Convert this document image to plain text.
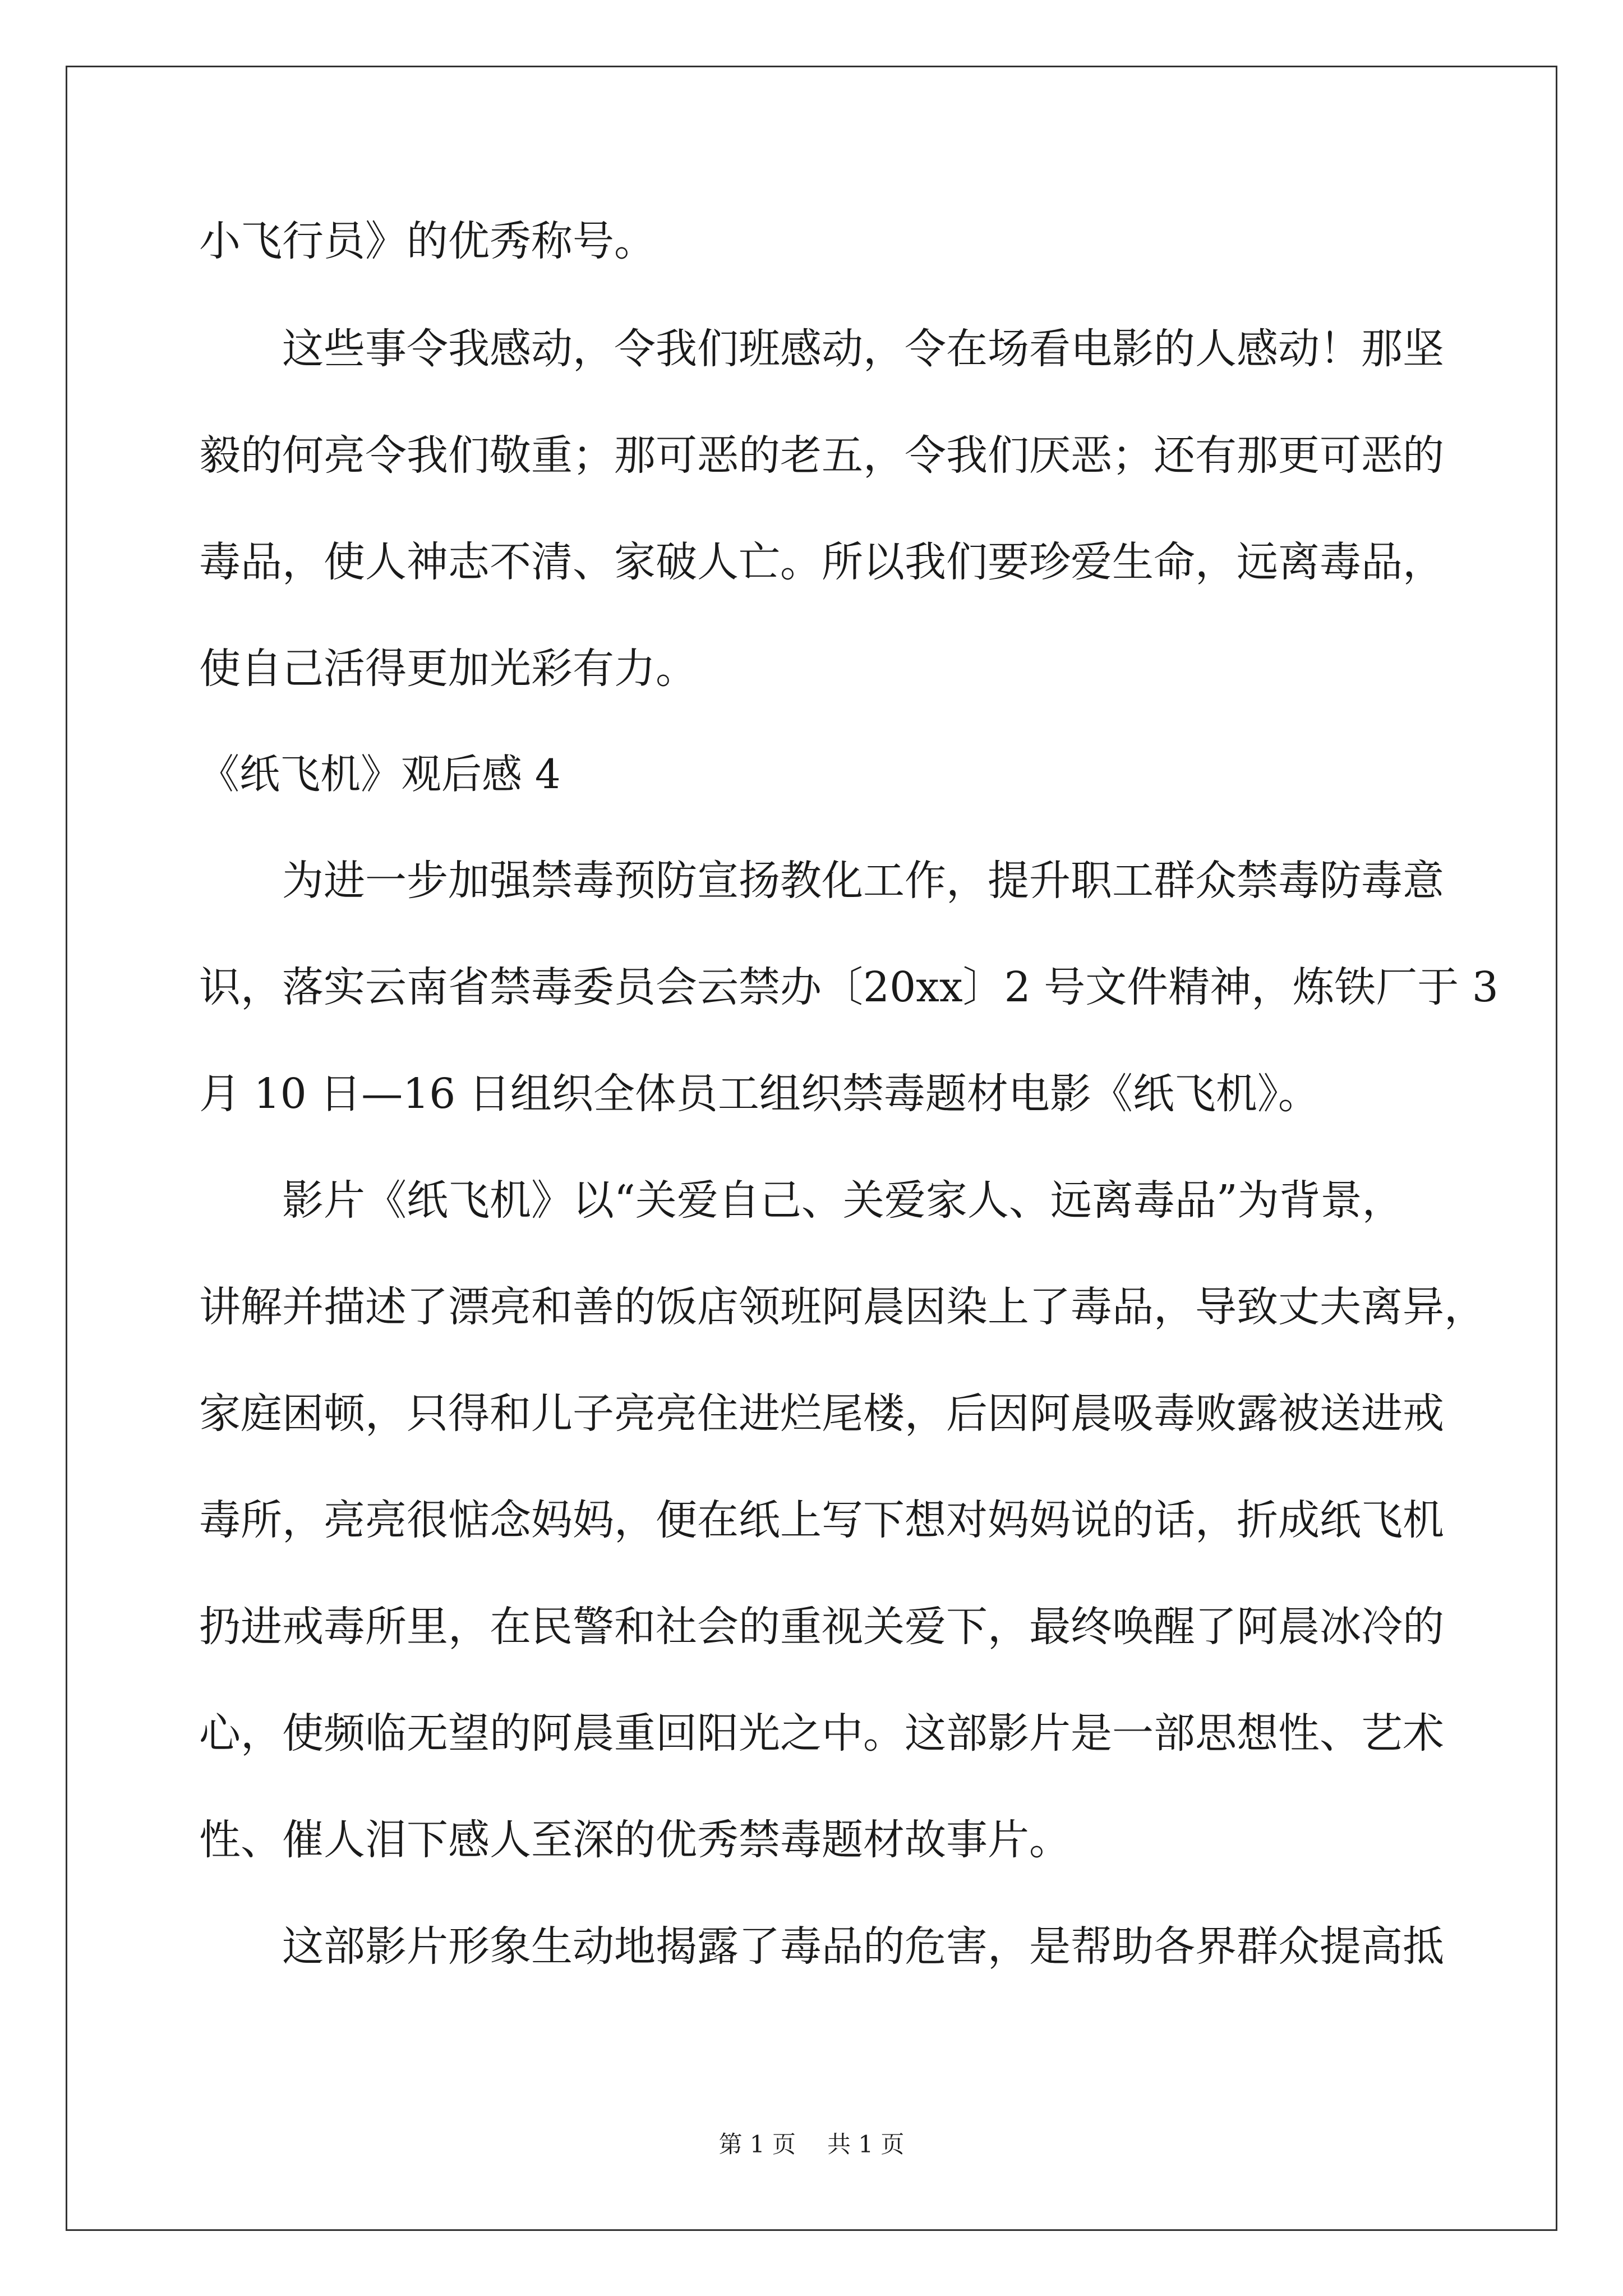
小飞行员》的优秀称号。
这些事令我感动，令我们班感动，令在场看电影的人感动！那坚
毅的何亮令我们敬重；那可恶的老五，令我们厌恶；还有那更可恶的
毒品，使人神志不清、家破人亡。所以我们要珍爱生命，远离毒品，
使自己活得更加光彩有力。
《纸飞机》观后感 4
为进一步加强禁毒预防宣扬教化工作，提升职工群众禁毒防毒意
识，落实云南省禁毒委员会云禁办〔20xx〕2 号文件精神，炼铁厂于 3
月 10 日—16 日组织全体员工组织禁毒题材电影《纸飞机》。
影片《纸飞机》以“关爱自己、关爱家人、远离毒品”为背景，
讲解并描述了漂亮和善的饭店领班阿晨因染上了毒品，导致丈夫离异，
家庭困顿，只得和儿子亮亮住进烂尾楼，后因阿晨吸毒败露被送进戒
毒所，亮亮很惦念妈妈，便在纸上写下想对妈妈说的话，折成纸飞机
扔进戒毒所里，在民警和社会的重视关爱下，最终唤醒了阿晨冰冷的
心，使频临无望的阿晨重回阳光之中。这部影片是一部思想性、艺术
性、催人泪下感人至深的优秀禁毒题材故事片。
这部影片形象生动地揭露了毒品的危害，是帮助各界群众提高抵
第 1 页 共 1 页
